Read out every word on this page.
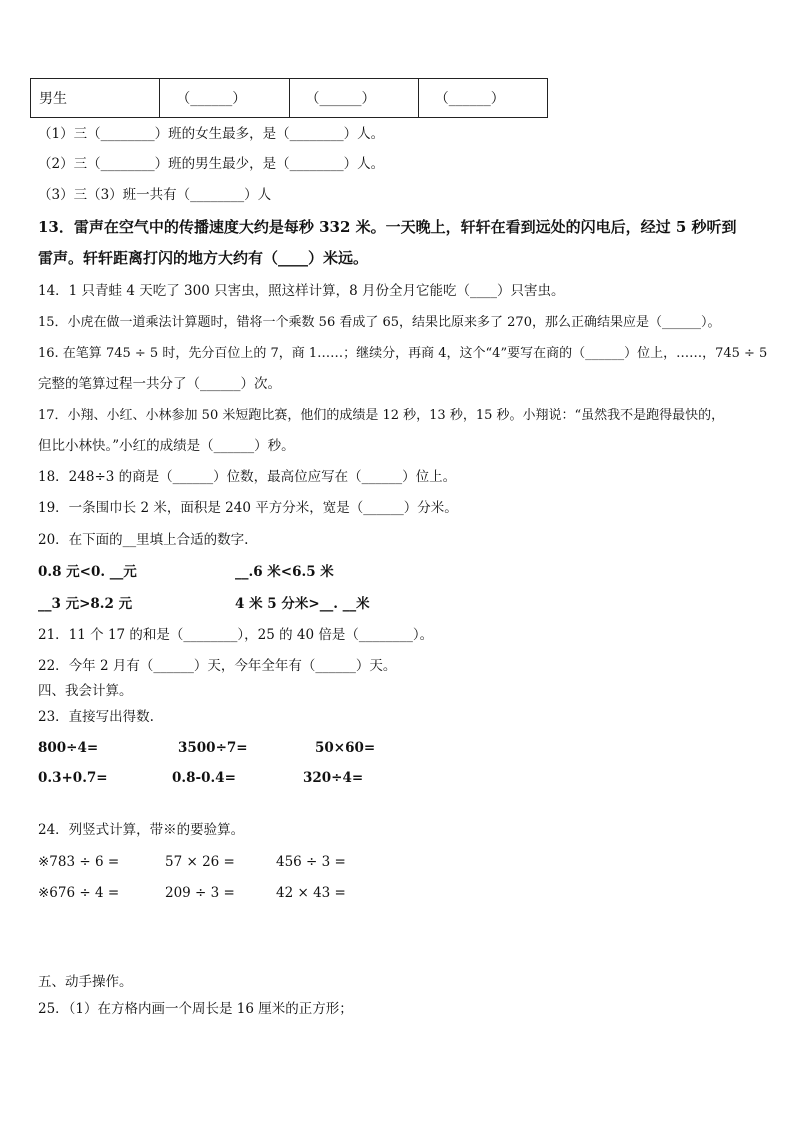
男生	（______）	（______）	（______）
（1）三（________）班的女生最多，是（________）人。
（2）三（________）班的男生最少，是（________）人。
（3）三（3）班一共有（________）人
13．雷声在空气中的传播速度大约是每秒 332 米。一天晚上，轩轩在看到远处的闪电后，经过 5 秒听到
雷声。轩轩距离打闪的地方大约有（____）米远。
14．1 只青蛙 4 天吃了 300 只害虫，照这样计算，8 月份全月它能吃（____）只害虫。
15．小虎在做一道乘法计算题时，错将一个乘数 56 看成了 65，结果比原来多了 270，那么正确结果应是（______）。
16. 在笔算 745 ÷ 5 时，先分百位上的 7，商 1……；继续分，再商 4，这个“4”要写在商的（______）位上，……，745 ÷ 5
完整的笔算过程一共分了（______）次。
17．小翔、小红、小林参加 50 米短跑比赛，他们的成绩是 12 秒，13 秒，15 秒。小翔说：“虽然我不是跑得最快的，
但比小林快。”小红的成绩是（______）秒。
18．248÷3 的商是（______）位数，最高位应写在（______）位上。
19．一条围巾长 2 米，面积是 240 平方分米，宽是（______）分米。
20．在下面的__里填上合适的数字.
0.8 元<0. __元	__.6 米<6.5 米
__3 元>8.2 元	4 米 5 分米>__. __米
21．11 个 17 的和是（________），25 的 40 倍是（________）。
22．今年 2 月有（______）天，今年全年有（______）天。
四、我会计算。
23．直接写出得数.
800÷4=	3500÷7=	50×60=
0.3+0.7=	0.8-0.4=	320÷4=
24．列竖式计算，带※的要验算。
※783 ÷ 6 =	57 × 26 =	456 ÷ 3 =
※676 ÷ 4 =	209 ÷ 3 =	42 × 43 =
五、动手操作。
25．（1）在方格内画一个周长是 16 厘米的正方形；
